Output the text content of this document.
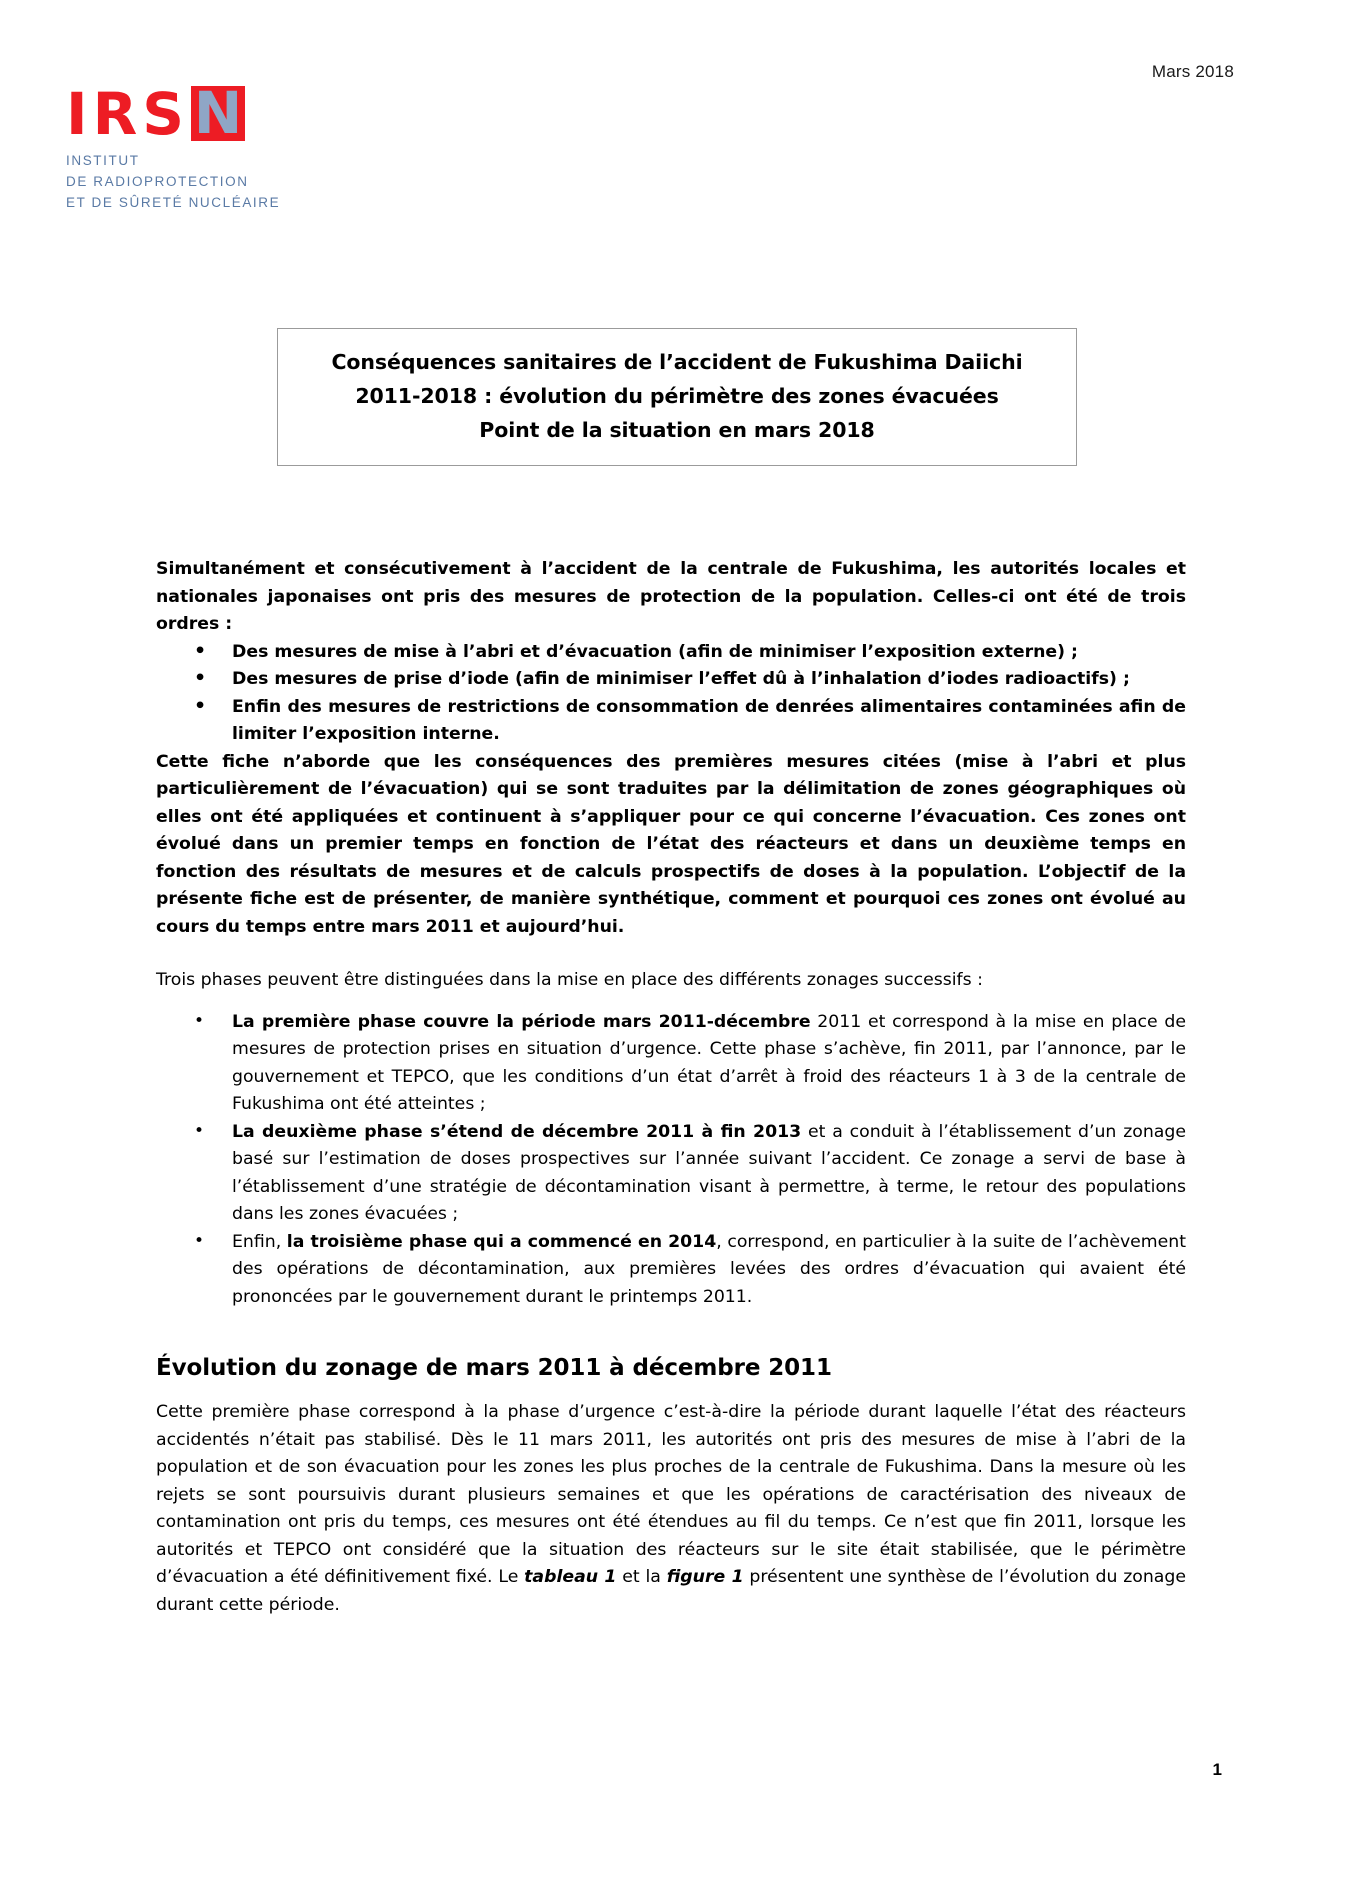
Mars 2018
IRS N
INSTITUT
DE RADIOPROTECTION
ET DE SÛRETÉ NUCLÉAIRE
Conséquences sanitaires de l’accident de Fukushima Daiichi
2011-2018 : évolution du périmètre des zones évacuées
Point de la situation en mars 2018

Simultanément et consécutivement à l’accident de la centrale de Fukushima, les autorités locales et nationales japonaises ont pris des mesures de protection de la population. Celles-ci ont été de trois ordres :

• Des mesures de mise à l’abri et d’évacuation (afin de minimiser l’exposition externe) ;
• Des mesures de prise d’iode (afin de minimiser l’effet dû à l’inhalation d’iodes radioactifs) ;
• Enfin des mesures de restrictions de consommation de denrées alimentaires contaminées afin de limiter l’exposition interne.

Cette fiche n’aborde que les conséquences des premières mesures citées (mise à l’abri et plus particulièrement de l’évacuation) qui se sont traduites par la délimitation de zones géographiques où elles ont été appliquées et continuent à s’appliquer pour ce qui concerne l’évacuation. Ces zones ont évolué dans un premier temps en fonction de l’état des réacteurs et dans un deuxième temps en fonction des résultats de mesures et de calculs prospectifs de doses à la population. L’objectif de la présente fiche est de présenter, de manière synthétique, comment et pourquoi ces zones ont évolué au cours du temps entre mars 2011 et aujourd’hui.

Trois phases peuvent être distinguées dans la mise en place des différents zonages successifs :

• La première phase couvre la période mars 2011-décembre 2011 et correspond à la mise en place de mesures de protection prises en situation d’urgence. Cette phase s’achève, fin 2011, par l’annonce, par le gouvernement et TEPCO, que les conditions d’un état d’arrêt à froid des réacteurs 1 à 3 de la centrale de Fukushima ont été atteintes ;
• La deuxième phase s’étend de décembre 2011 à fin 2013 et a conduit à l’établissement d’un zonage basé sur l’estimation de doses prospectives sur l’année suivant l’accident. Ce zonage a servi de base à l’établissement d’une stratégie de décontamination visant à permettre, à terme, le retour des populations dans les zones évacuées ;
• Enfin, la troisième phase qui a commencé en 2014, correspond, en particulier à la suite de l’achèvement des opérations de décontamination, aux premières levées des ordres d’évacuation qui avaient été prononcées par le gouvernement durant le printemps 2011.
Évolution du zonage de mars 2011 à décembre 2011

Cette première phase correspond à la phase d’urgence c’est-à-dire la période durant laquelle l’état des réacteurs accidentés n’était pas stabilisé. Dès le 11 mars 2011, les autorités ont pris des mesures de mise à l’abri de la population et de son évacuation pour les zones les plus proches de la centrale de Fukushima. Dans la mesure où les rejets se sont poursuivis durant plusieurs semaines et que les opérations de caractérisation des niveaux de contamination ont pris du temps, ces mesures ont été étendues au fil du temps. Ce n’est que fin 2011, lorsque les autorités et TEPCO ont considéré que la situation des réacteurs sur le site était stabilisée, que le périmètre d’évacuation a été définitivement fixé. Le tableau 1 et la figure 1 présentent une synthèse de l’évolution du zonage durant cette période.

1
